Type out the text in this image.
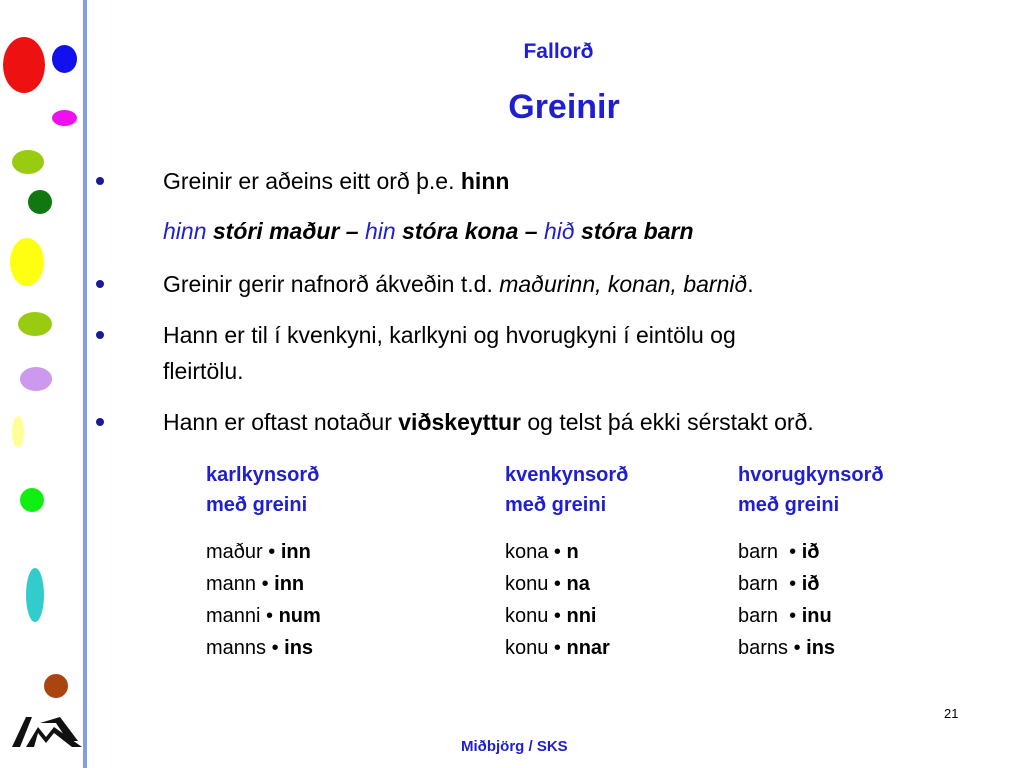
Fallorð
Greinir
Greinir er aðeins eitt orð þ.e. hinn
hinn stóri maður – hin stóra kona – hið stóra barn
Greinir gerir nafnorð ákveðin t.d. maðurinn, konan, barnið.
Hann er til í kvenkyni, karlkyni og hvorugkyni í eintölu og
fleirtölu.
Hann er oftast notaður viðskeyttur og telst þá ekki sérstakt orð.
karlkynsorð
með greini
kvenkynsorð
með greini
hvorugkynsorð
með greini
maður • inn
mann • inn
manni • num
manns • ins
kona • n
konu • na
konu • nni
konu • nnar
barn  • ið
barn  • ið
barn  • inu
barns • ins
21
Miðbjörg / SKS
